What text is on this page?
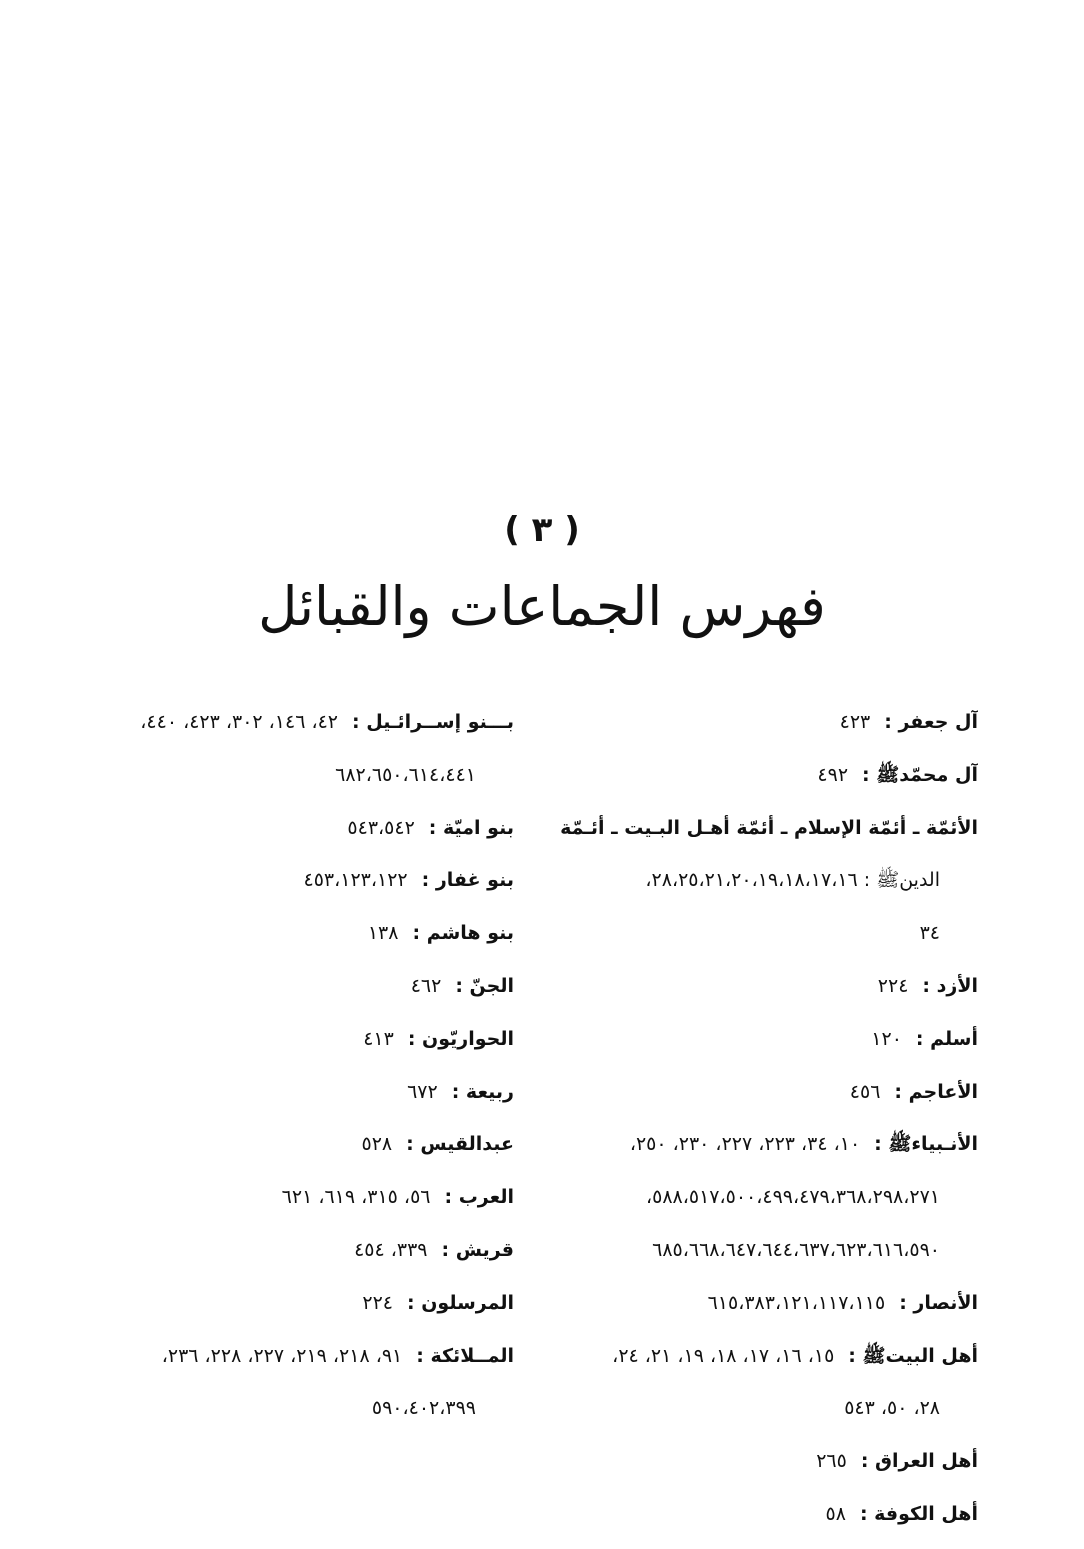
( ٣ )
فهرس الجماعات والقبائل
آل جعفر :٤٢٣
آل محمّدﷺ :٤٩٢
الأئمّة ـ أئمّة الإسلام ـ أئمّة أهـل البـيت ـ أئـمّة
الدينﷺ : ٢٨،٢٥،٢١،٢٠،١٩،١٨،١٧،١٦،
٣٤
الأزد :٢٢٤
أسلم :١٢٠
الأعاجم :٤٥٦
الأنـبياءﷺ :١٠، ٣٤، ٢٢٣، ٢٢٧، ٢٣٠، ٢٥٠،
٥٨٨،٥١٧،٥٠٠،٤٩٩،٤٧٩،٣٦٨،٢٩٨،٢٧١،
٦٨٥،٦٦٨،٦٤٧،٦٤٤،٦٣٧،٦٢٣،٦١٦،٥٩٠
الأنصار :٦١٥،٣٨٣،١٢١،١١٧،١١٥
أهل البيتﷺ :١٥، ١٦، ١٧، ١٨، ١٩، ٢١، ٢٤،
٢٨، ٥٠، ٥٤٣
أهل العراق :٢٦٥
أهل الكوفة :٥٨
بـــنو إســرائـيل :٤٢، ١٤٦، ٣٠٢، ٤٢٣، ٤٤٠،
٦٨٢،٦٥٠،٦١٤،٤٤١
بنو اميّة :٥٤٣،٥٤٢
بنو غفار :٤٥٣،١٢٣،١٢٢
بنو هاشم :١٣٨
الجنّ :٤٦٢
الحواريّون :٤١٣
ربيعة :٦٧٢
عبدالقيس :٥٢٨
العرب :٥٦، ٣١٥، ٦١٩، ٦٢١
قريش :٣٣٩، ٤٥٤
المرسلون :٢٢٤
المــلائكة :٩١، ٢١٨، ٢١٩، ٢٢٧، ٢٢٨، ٢٣٦،
٥٩٠،٤٠٢،٣٩٩
